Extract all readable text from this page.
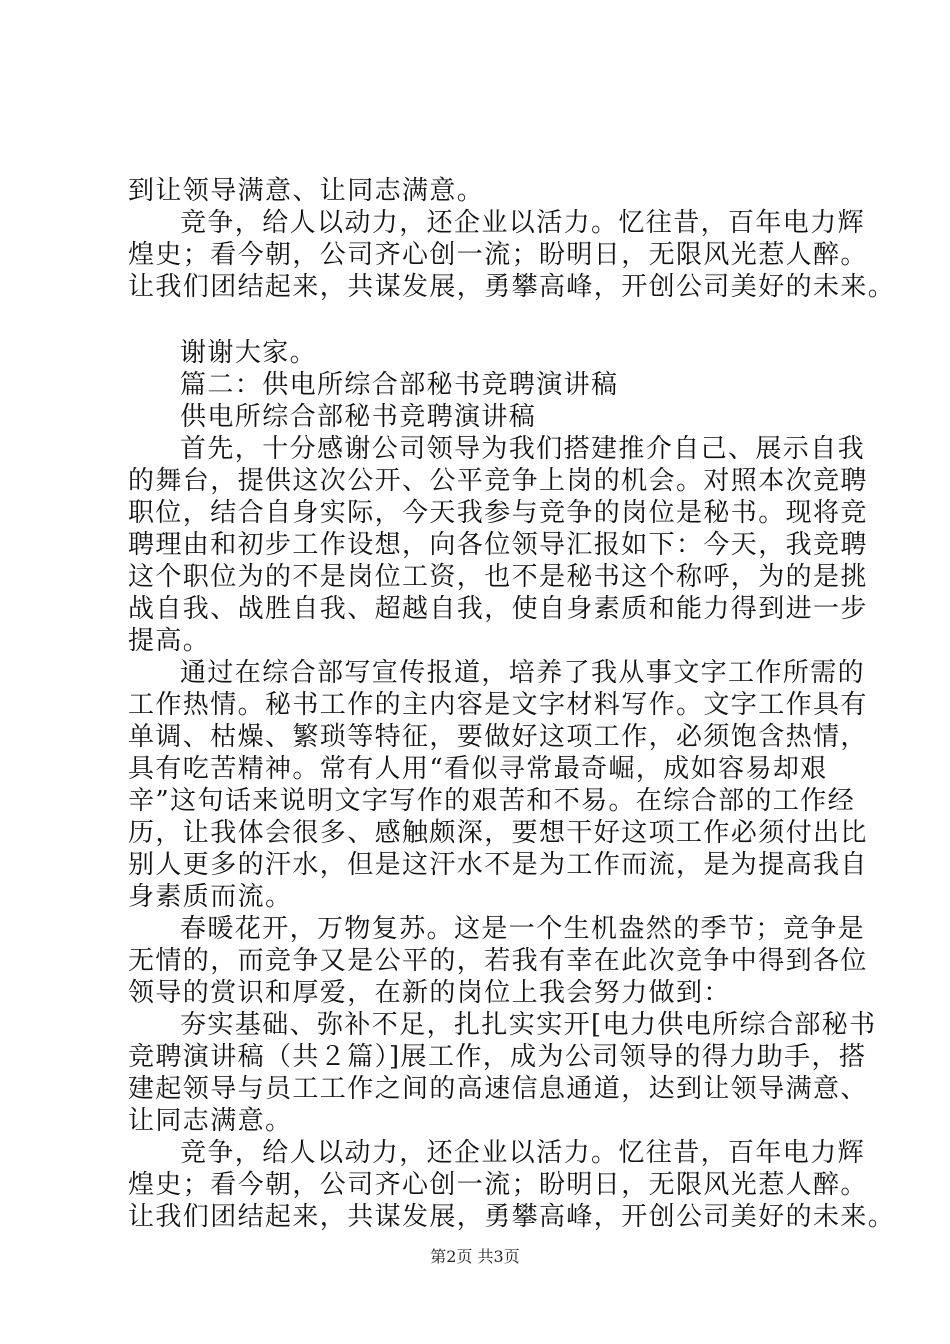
到让领导满意、让同志满意。
竞争，给人以动力，还企业以活力。忆往昔，百年电力辉
煌史；看今朝，公司齐心创一流；盼明日，无限风光惹人醉。
让我们团结起来，共谋发展，勇攀高峰，开创公司美好的未来。
谢谢大家。
篇二：供电所综合部秘书竞聘演讲稿
供电所综合部秘书竞聘演讲稿
首先，十分感谢公司领导为我们搭建推介自己、展示自我
的舞台，提供这次公开、公平竞争上岗的机会。对照本次竞聘
职位，结合自身实际，今天我参与竞争的岗位是秘书。现将竞
聘理由和初步工作设想，向各位领导汇报如下：今天，我竞聘
这个职位为的不是岗位工资，也不是秘书这个称呼，为的是挑
战自我、战胜自我、超越自我，使自身素质和能力得到进一步
提高。
通过在综合部写宣传报道，培养了我从事文字工作所需的
工作热情。秘书工作的主内容是文字材料写作。文字工作具有
单调、枯燥、繁琐等特征，要做好这项工作，必须饱含热情，
具有吃苦精神。常有人用“看似寻常最奇崛，成如容易却艰
辛”这句话来说明文字写作的艰苦和不易。在综合部的工作经
历，让我体会很多、感触颇深，要想干好这项工作必须付出比
别人更多的汗水，但是这汗水不是为工作而流，是为提高我自
身素质而流。
春暖花开，万物复苏。这是一个生机盎然的季节；竞争是
无情的，而竞争又是公平的，若我有幸在此次竞争中得到各位
领导的赏识和厚爱，在新的岗位上我会努力做到：
夯实基础、弥补不足，扎扎实实开[电力供电所综合部秘书
竞聘演讲稿（共２篇）]展工作，成为公司领导的得力助手，搭
建起领导与员工工作之间的高速信息通道，达到让领导满意、
让同志满意。
竞争，给人以动力，还企业以活力。忆往昔，百年电力辉
煌史；看今朝，公司齐心创一流；盼明日，无限风光惹人醉。
让我们团结起来，共谋发展，勇攀高峰，开创公司美好的未来。
第2页 共3页
